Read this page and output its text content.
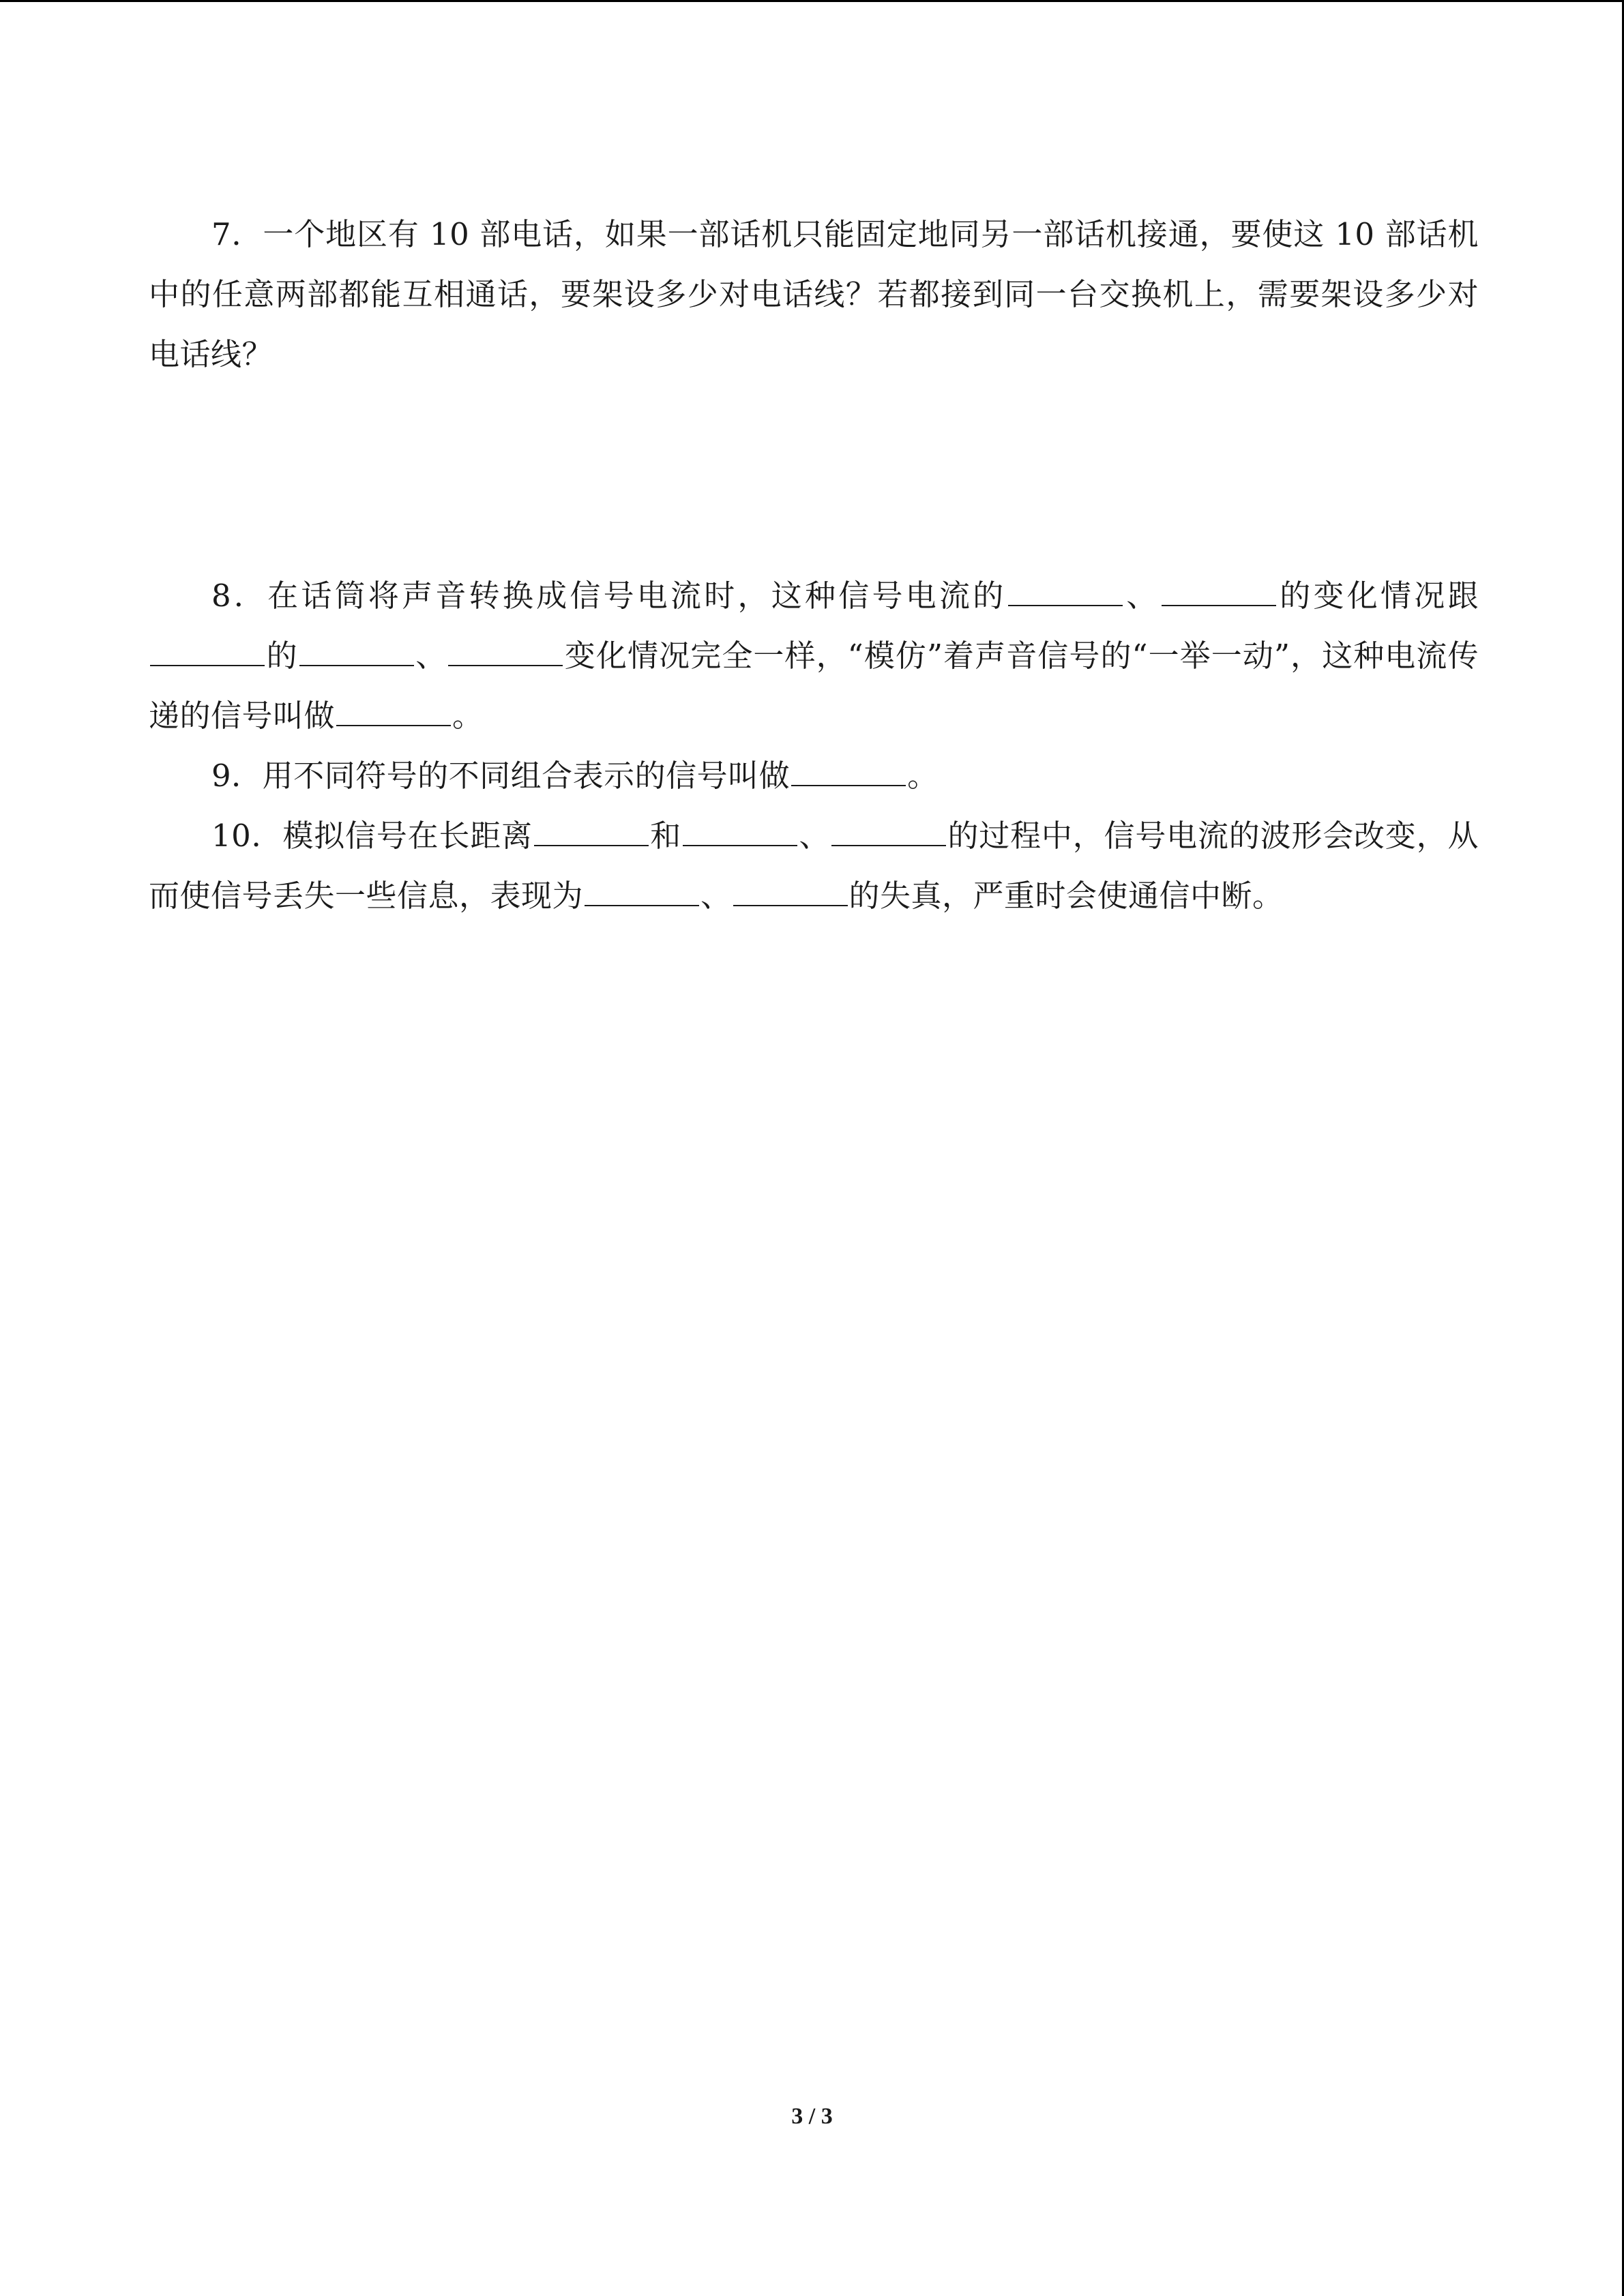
7．一个地区有 10 部电话，如果一部话机只能固定地同另一部话机接通，要使这 10 部话机中的任意两部都能互相通话，要架设多少对电话线？若都接到同一台交换机上，需要架设多少对电话线？

8．在话筒将声音转换成信号电流时，这种信号电流的	、	的变化情况跟的	、	变化情况完全一样，“模仿”着声音信号的“一举一动”，这种电流传递的信号叫做	。

9．用不同符号的不同组合表示的信号叫做	。

10．模拟信号在长距离	和	、	的过程中，信号电流的波形会改变，从而使信号丢失一些信息，表现为	、	的失真，严重时会使通信中断。

3 / 3
